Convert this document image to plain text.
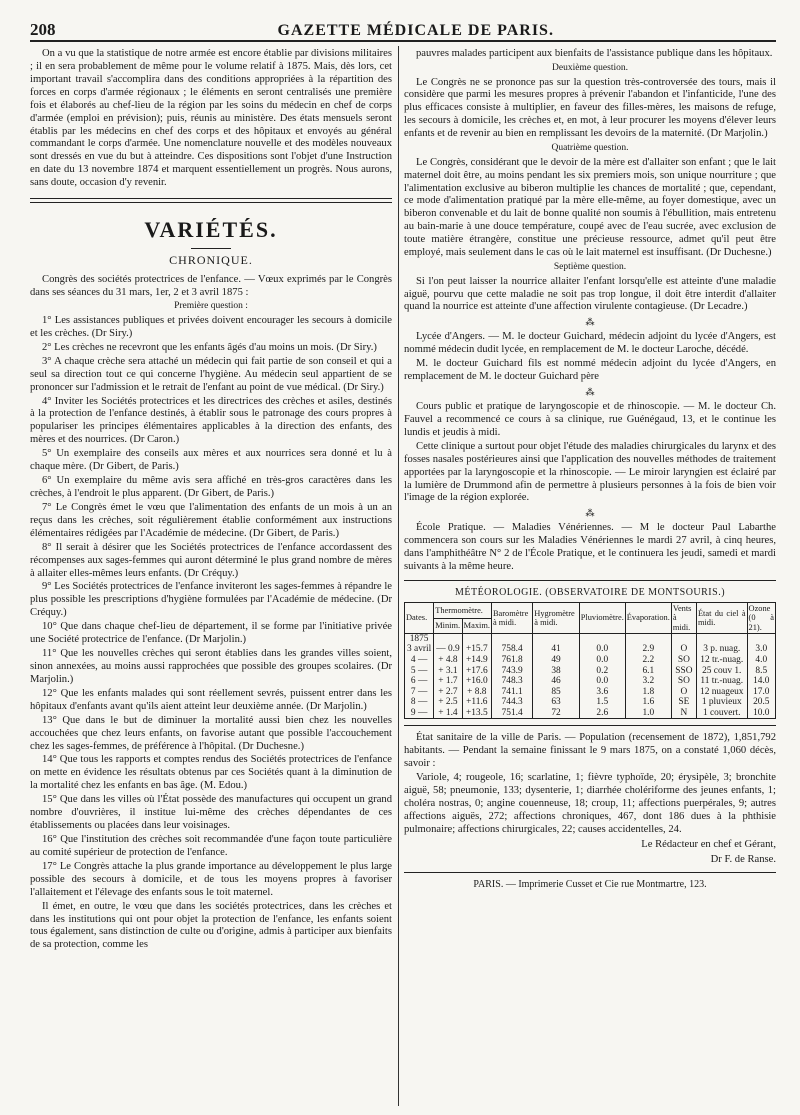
208	GAZETTE MÉDICALE DE PARIS.

On a vu que la statistique de notre armée est encore établie par divisions militaires ; il en sera probablement de même pour le volume relatif à 1875. Mais, dès lors, cet important travail s'accomplira dans des conditions appropriées à la répartition des forces en corps d'armée régionaux ; le éléments en seront centralisés une première fois et élaborés au chef-lieu de la région par les soins du médecin en chef de corps d'armée (emploi en prévision); puis, réunis au ministère. Des états mensuels seront établis par les médecins en chef des corps et des hôpitaux et envoyés au général commandant le corps d'armée. Une nomenclature nouvelle et des modèles nouveaux sont dressés en vue du but à atteindre. Ces dispositions sont l'objet d'une Instruction en date du 13 novembre 1874 et marquent essentiellement un progrès. Nous aurons, sans doute, occasion d'y revenir.

VARIÉTÉS.
CHRONIQUE.

Congrès des sociétés protectrices de l'enfance. — Vœux exprimés par le Congrès dans ses séances du 31 mars, 1er, 2 et 3 avril 1875 :

Première question :

1° Les assistances publiques et privées doivent encourager les secours à domicile et les crèches. (Dr Siry.)

2° Les crèches ne recevront que les enfants âgés d'au moins un mois. (Dr Siry.)

3° A chaque crèche sera attaché un médecin qui fait partie de son conseil et qui a seul sa direction tout ce qui concerne l'hygiène. Au médecin seul appartient de se prononcer sur l'admission et le retrait de l'enfant au point de vue médical. (Dr Siry.)

4° Inviter les Sociétés protectrices et les directrices des crèches et asiles, destinés à la protection de l'enfance destinés, à établir sous le patronage des cours propres à populariser les principes élémentaires applicables à la direction des enfants, des mères et des nourrices. (Dr Caron.)

5° Un exemplaire des conseils aux mères et aux nourrices sera donné et lu à chaque mère. (Dr Gibert, de Paris.)

6° Un exemplaire du même avis sera affiché en très-gros caractères dans les crèches, à l'endroit le plus apparent. (Dr Gibert, de Paris.)

7° Le Congrès émet le vœu que l'alimentation des enfants de un mois à un an reçus dans les crèches, soit régulièrement établie conformément aux instructions élémentaires rédigées par l'Académie de médecine. (Dr Gibert, de Paris.)

8° Il serait à désirer que les Sociétés protectrices de l'enfance accordassent des récompenses aux sages-femmes qui auront déterminé le plus grand nombre de mères à allaiter elles-mêmes leurs enfants. (Dr Créquy.)

9° Les Sociétés protectrices de l'enfance inviteront les sages-femmes à répandre le plus possible les prescriptions d'hygiène formulées par l'Académie de médecine. (Dr Créquy.)

10° Que dans chaque chef-lieu de département, il se forme par l'initiative privée une Société protectrice de l'enfance. (Dr Marjolin.)

11° Que les nouvelles crèches qui seront établies dans les grandes villes soient, sinon annexées, au moins aussi rapprochées que possible des groupes scolaires. (Dr Marjolin.)

12° Que les enfants malades qui sont réellement sevrés, puissent entrer dans les hôpitaux d'enfants avant qu'ils aient atteint leur deuxième année. (Dr Marjolin.)

13° Que dans le but de diminuer la mortalité aussi bien chez les nouvelles accouchées que chez leurs enfants, on favorise autant que possible l'accouchement chez les sages-femmes, de préférence à l'hôpital. (Dr Duchesne.)

14° Que tous les rapports et comptes rendus des Sociétés protectrices de l'enfance on mette en évidence les résultats obtenus par ces Sociétés quant à la diminution de la mortalité chez les enfants en bas âge. (M. Edou.)

15° Que dans les villes où l'État possède des manufactures qui occupent un grand nombre d'ouvrières, il institue lui-même des crèches dépendantes de ces établissements ou placées dans leur voisinages.

16° Que l'institution des crèches soit recommandée d'une façon toute particulière au comité supérieur de protection de l'enfance.

17° Le Congrès attache la plus grande importance au développement le plus large possible des secours à domicile, et de tous les moyens propres à favoriser l'allaitement et l'élevage des enfants sous le toit maternel.

Il émet, en outre, le vœu que dans les sociétés protectrices, dans les crèches et dans les institutions qui ont pour objet la protection de l'enfance, les enfants soient tous également, sans distinction de culte ou d'origine, admis à participer aux bienfaits de sa protection, comme les

pauvres malades participent aux bienfaits de l'assistance publique dans les hôpitaux.

Deuxième question.

Le Congrès ne se prononce pas sur la question très-controversée des tours, mais il considère que parmi les mesures propres à prévenir l'abandon et l'infanticide, l'une des plus efficaces consiste à multiplier, en faveur des filles-mères, les maisons de refuge, les secours à domicile, les crèches et, en mot, à leur procurer les moyens d'élever leurs enfants et de revenir au bien en remplissant les devoirs de la maternité. (Dr Marjolin.)

Quatrième question.

Le Congrès, considérant que le devoir de la mère est d'allaiter son enfant ; que le lait maternel doit être, au moins pendant les six premiers mois, son unique nourriture ; que l'alimentation exclusive au biberon multiplie les chances de mortalité ; que, cependant, ce mode d'alimentation pratiqué par la mère elle-même, au foyer domestique, avec un biberon convenable et du lait de bonne qualité non soumis à l'ébullition, mais entretenu au bain-marie à une douce température, coupé avec de l'eau sucrée, avec exclusion de toute matière étrangère, constitue une précieuse ressource, admet qu'il peut être employé, mais seulement dans le cas où le lait maternel est insuffisant. (Dr Duchesne.)

Septième question.

Si l'on peut laisser la nourrice allaiter l'enfant lorsqu'elle est atteinte d'une maladie aiguë, pourvu que cette maladie ne soit pas trop longue, il doit être interdit d'allaiter quand la nourrice est atteinte d'une affection virulente contagieuse. (Dr Lecadre.)

⁂

Lycée d'Angers. — M. le docteur Guichard, médecin adjoint du lycée d'Angers, est nommé médecin dudit lycée, en remplacement de M. le docteur Laroche, décédé.

M. le docteur Guichard fils est nommé médecin adjoint du lycée d'Angers, en remplacement de M. le docteur Guichard père

⁂

Cours public et pratique de laryngoscopie et de rhinoscopie. — M. le docteur Ch. Fauvel a recommencé ce cours à sa clinique, rue Guénégaud, 13, et le continue les lundis et jeudis à midi.

Cette clinique a surtout pour objet l'étude des maladies chirurgicales du larynx et des fosses nasales postérieures ainsi que l'application des nouvelles méthodes de traitement apportées par la laryngoscopie et la rhinoscopie. — Le miroir laryngien est éclairé par la lumière de Drummond afin de permettre à plusieurs personnes à la fois de bien voir l'image de la région explorée.

⁂

École Pratique. — Maladies Vénériennes. — M le docteur Paul Labarthe commencera son cours sur les Maladies Vénériennes le mardi 27 avril, à cinq heures, dans l'amphithéâtre N° 2 de l'École Pratique, et le continuera les jeudi, samedi et mardi suivants à la même heure.

MÉTÉOROLOGIE. (OBSERVATOIRE DE MONTSOURIS.)
Dates.	Thermomètre.		Baromètre à midi.	Hygromètre à midi.	Pluviomètre.	Évaporation.	Vents à midi.	État du ciel à midi.	Ozone (0 à 21).
	Minim.	Maxim.							
1875									
3 avril	— 0.9	+15.7	758.4	41	0.0	2.9	O	3 p. nuag.	3.0
4 —	+ 4.8	+14.9	761.8	49	0.0	2.2	SO	12 tr.-nuag.	4.0
5 —	+ 3.1	+17.6	743.9	38	0.2	6.1	SSO	25 couv 1.	8.5
6 —	+ 1.7	+16.0	748.3	46	0.0	3.2	SO	11 tr.-nuag.	14.0
7 —	+ 2.7	+ 8.8	741.1	85	3.6	1.8	O	12 nuageux	17.0
8 —	+ 2.5	+11.6	744.3	63	1.5	1.6	SE	1 pluvieux	20.5
9 —	+ 1.4	+13.5	751.4	72	2.6	1.0	N	1 couvert.	10.0

État sanitaire de la ville de Paris. — Population (recensement de 1872), 1,851,792 habitants. — Pendant la semaine finissant le 9 mars 1875, on a constaté 1,060 décès, savoir :

Variole, 4; rougeole, 16; scarlatine, 1; fièvre typhoïde, 20; érysipèle, 3; bronchite aiguë, 58; pneumonie, 133; dysenterie, 1; diarrhée cholériforme des jeunes enfants, 1; choléra nostras, 0; angine couenneuse, 18; croup, 11; affections puerpérales, 9; autres affections aiguës, 272; affections chroniques, 467, dont 186 dues à la phthisie pulmonaire; affections chirurgicales, 22; causes accidentelles, 24.

Le Rédacteur en chef et Gérant,
Dr F. de Ranse.
PARIS. — Imprimerie Cusset et Cie rue Montmartre, 123.
